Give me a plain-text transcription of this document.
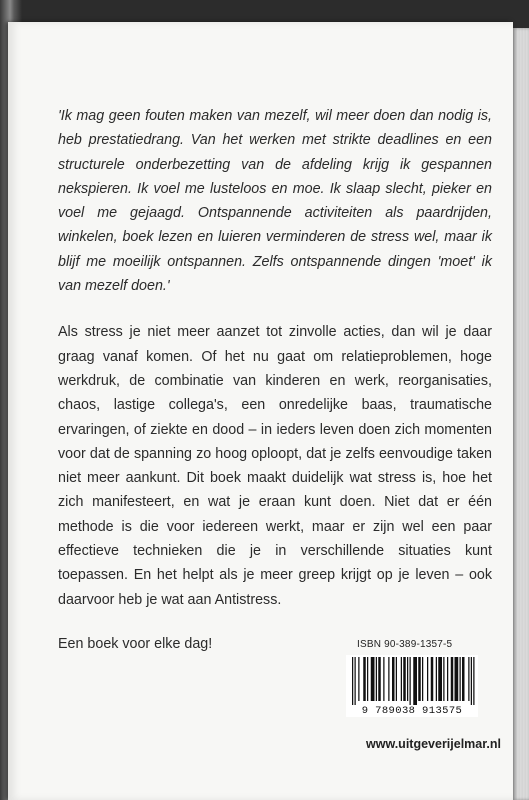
'Ik mag geen fouten maken van mezelf, wil meer doen dan nodig is, heb prestatiedrang. Van het werken met strikte deadlines en een structurele onderbezetting van de afdeling krijg ik gespannen nekspieren. Ik voel me lusteloos en moe. Ik slaap slecht, pieker en voel me gejaagd. Ontspannende activiteiten als paardrijden, winkelen, boek lezen en luieren verminderen de stress wel, maar ik blijf me moeilijk ontspannen. Zelfs ontspannende dingen 'moet' ik van mezelf doen.'

Als stress je niet meer aanzet tot zinvolle acties, dan wil je daar graag vanaf komen. Of het nu gaat om relatieproblemen, hoge werkdruk, de combinatie van kinderen en werk, reorganisaties, chaos, lastige collega's, een onredelijke baas, traumatische ervaringen, of ziekte en dood – in ieders leven doen zich momenten voor dat de spanning zo hoog oploopt, dat je zelfs eenvoudige taken niet meer aankunt. Dit boek maakt duidelijk wat stress is, hoe het zich manifesteert, en wat je eraan kunt doen. Niet dat er één methode is die voor iedereen werkt, maar er zijn wel een paar effectieve technieken die je in verschillende situaties kunt toepassen. En het helpt als je meer greep krijgt op je leven – ook daarvoor heb je wat aan Antistress.

Een boek voor elke dag!	ISBN 90-389-1357-5
9 789038 913575
www.uitgeverijelmar.nl
